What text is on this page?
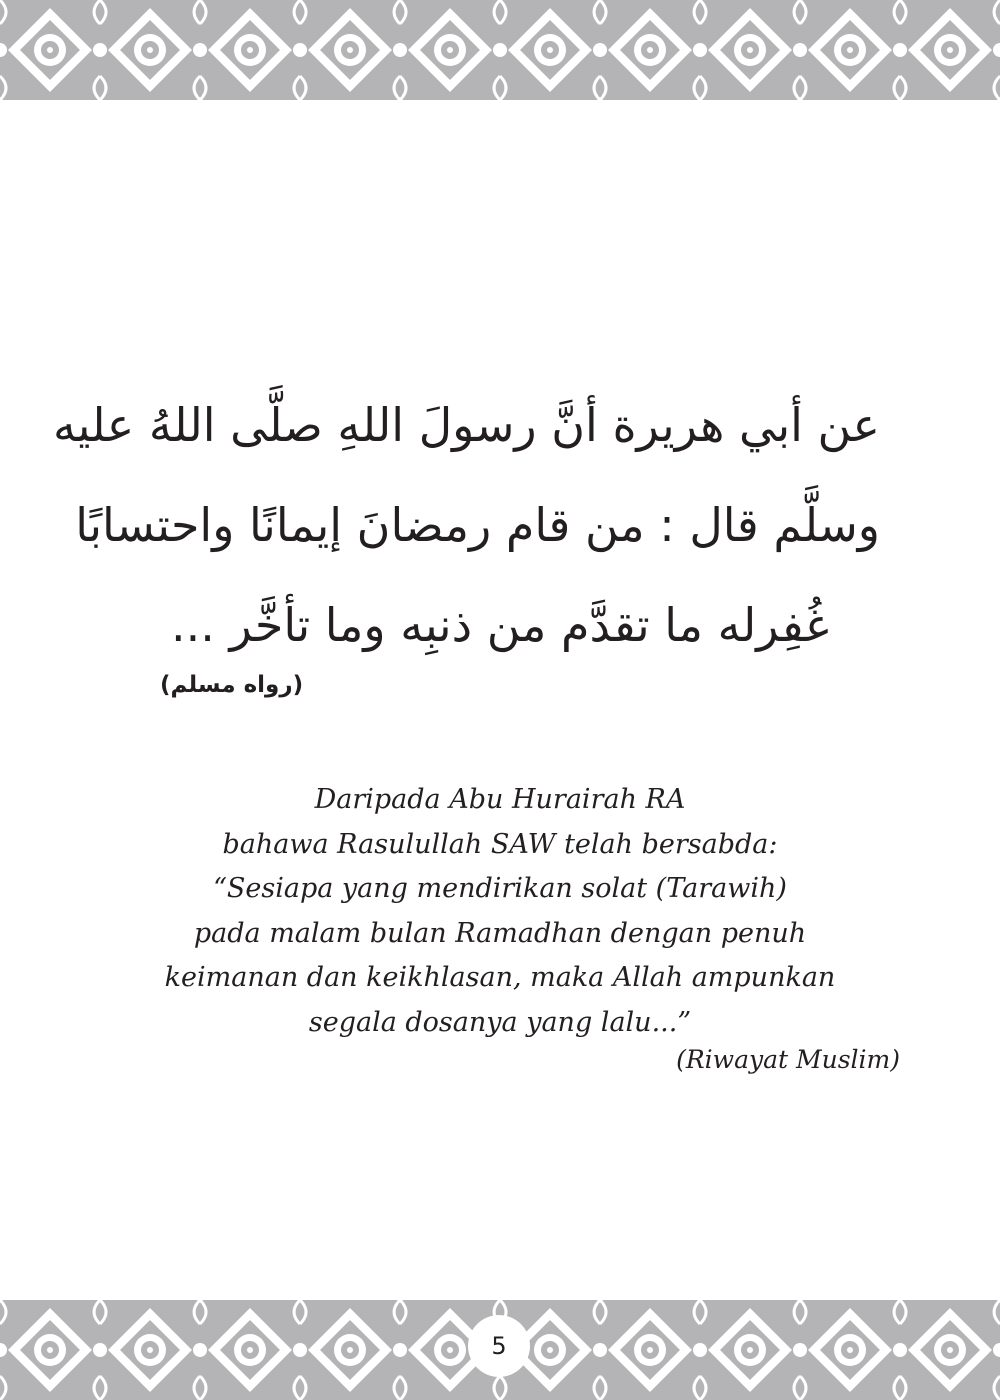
عن أبي هريرة أنَّ رسولَ اللهِ صلَّى اللهُ عليه
وسلَّم قال : من قام رمضانَ إيمانًا واحتسابًا
غُفِرله ما تقدَّم من ذنبِه وما تأخَّر ...
(رواه مسلم)
Daripada Abu Hurairah RA
bahawa Rasulullah SAW telah bersabda:
“Sesiapa yang mendirikan solat (Tarawih)
pada malam bulan Ramadhan dengan penuh
keimanan dan keikhlasan, maka Allah ampunkan
segala dosanya yang lalu...”
(Riwayat Muslim)
5
